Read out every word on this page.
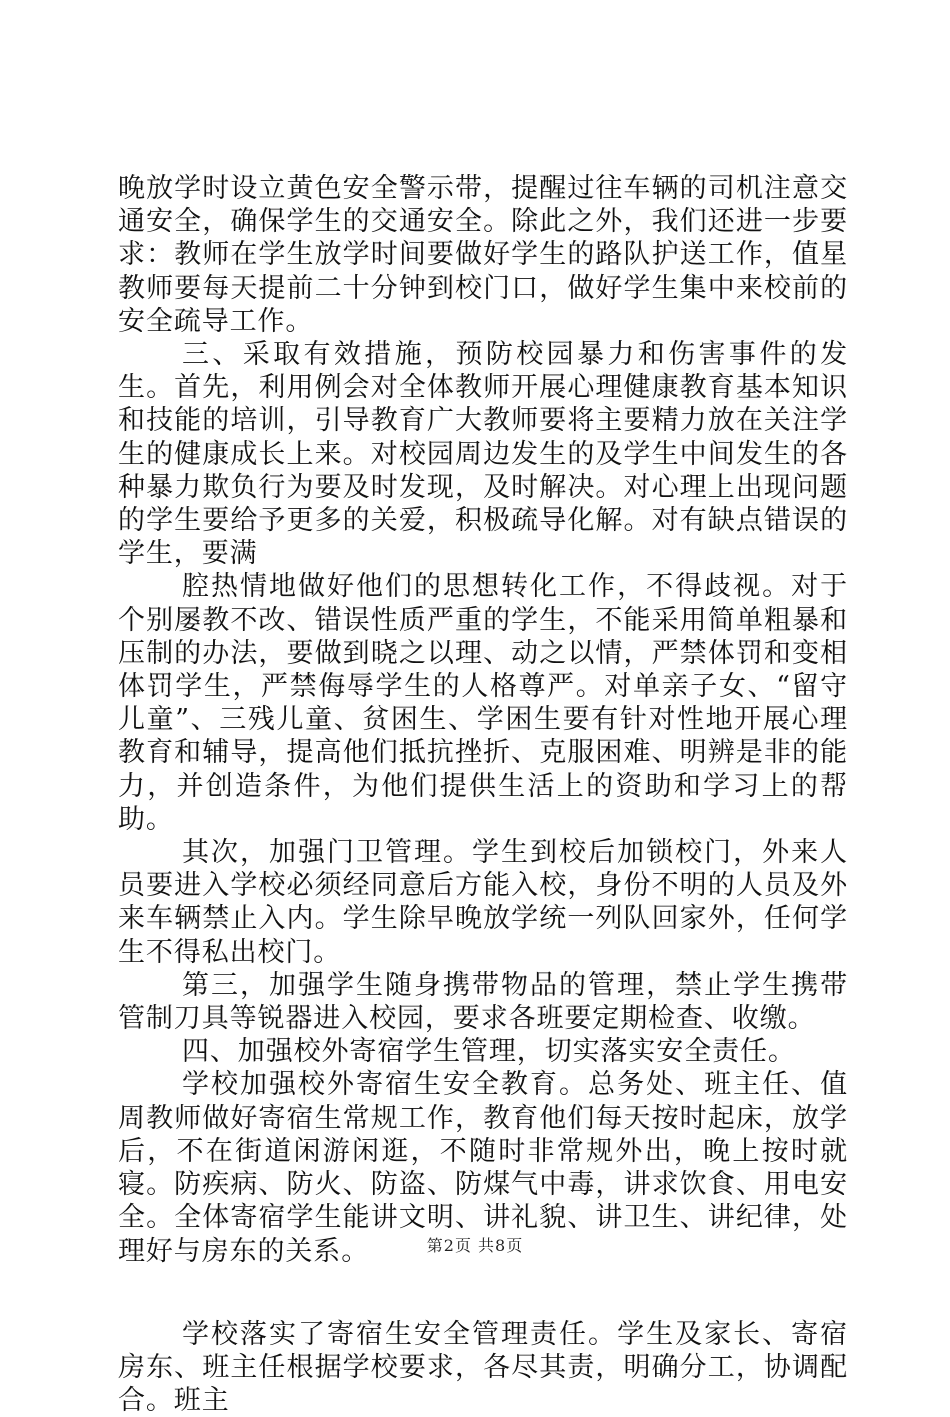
晚放学时设立黄色安全警示带，提醒过往车辆的司机注意交通安全，确保学生的交通安全。除此之外，我们还进一步要求：教师在学生放学时间要做好学生的路队护送工作，值星教师要每天提前二十分钟到校门口，做好学生集中来校前的安全疏导工作。

三、采取有效措施，预防校园暴力和伤害事件的发生。首先，利用例会对全体教师开展心理健康教育基本知识和技能的培训，引导教育广大教师要将主要精力放在关注学生的健康成长上来。对校园周边发生的及学生中间发生的各种暴力欺负行为要及时发现，及时解决。对心理上出现问题的学生要给予更多的关爱，积极疏导化解。对有缺点错误的学生，要满

腔热情地做好他们的思想转化工作，不得歧视。对于个别屡教不改、错误性质严重的学生，不能采用简单粗暴和压制的办法，要做到晓之以理、动之以情，严禁体罚和变相体罚学生，严禁侮辱学生的人格尊严。对单亲子女、“留守儿童”、三残儿童、贫困生、学困生要有针对性地开展心理教育和辅导，提高他们抵抗挫折、克服困难、明辨是非的能力，并创造条件，为他们提供生活上的资助和学习上的帮助。

其次，加强门卫管理。学生到校后加锁校门，外来人员要进入学校必须经同意后方能入校，身份不明的人员及外来车辆禁止入内。学生除早晚放学统一列队回家外，任何学生不得私出校门。

第三，加强学生随身携带物品的管理，禁止学生携带管制刀具等锐器进入校园，要求各班要定期检查、收缴。

四、加强校外寄宿学生管理，切实落实安全责任。

学校加强校外寄宿生安全教育。总务处、班主任、值周教师做好寄宿生常规工作，教育他们每天按时起床，放学后，不在街道闲游闲逛，不随时非常规外出，晚上按时就寝。防疾病、防火、防盗、防煤气中毒，讲求饮食、用电安全。全体寄宿学生能讲文明、讲礼貌、讲卫生、讲纪律，处理好与房东的关系。

学校落实了寄宿生安全管理责任。学生及家长、寄宿房东、班主任根据学校要求，各尽其责，明确分工，协调配合。班主

第2页 共8页
